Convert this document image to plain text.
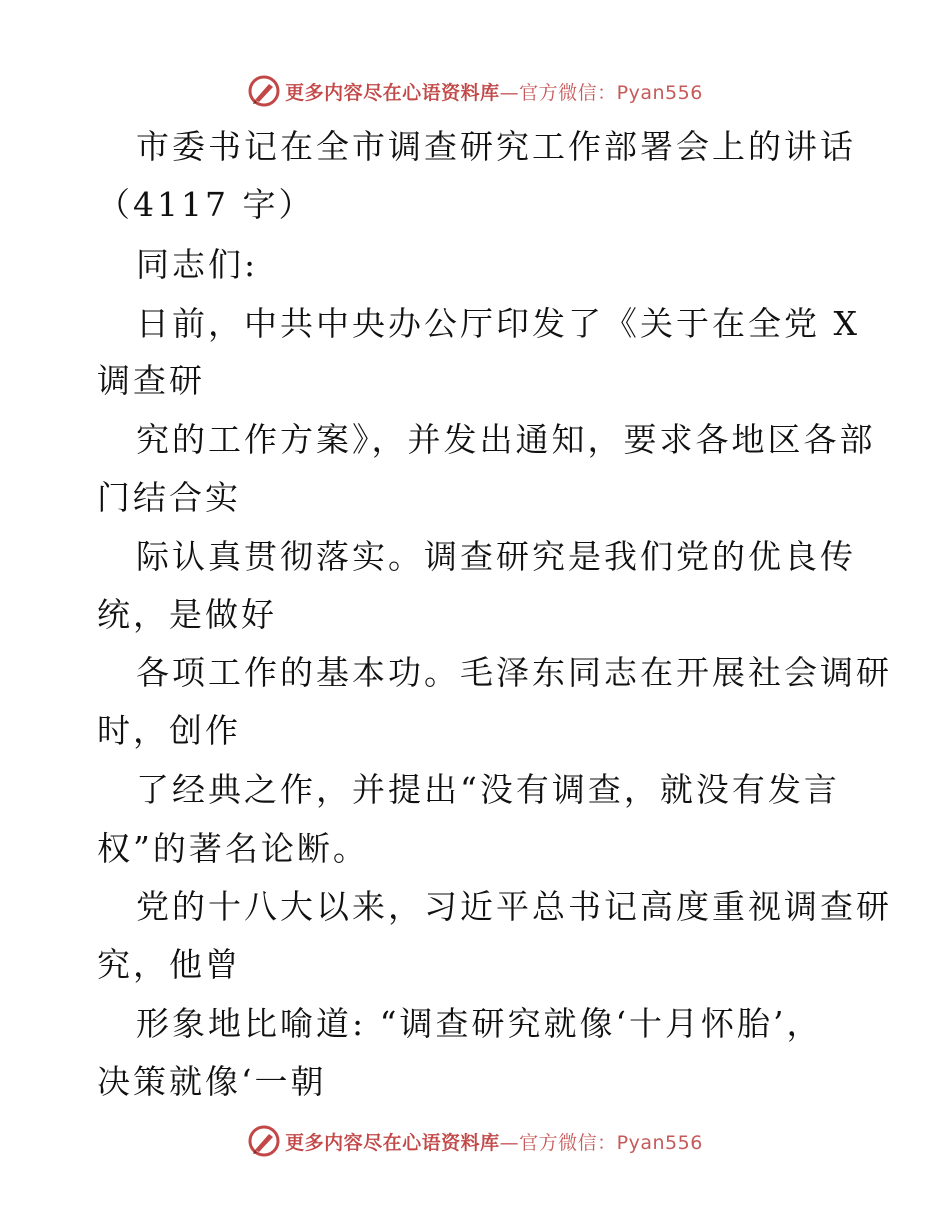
更多内容尽在心语资料库—官方微信：Pyan556
市委书记在全市调查研究工作部署会上的讲话
（4117 字）
同志们:
日前，中共中央办公厅印发了《关于在全党 X
调查研
究的工作方案》，并发出通知，要求各地区各部
门结合实
际认真贯彻落实。调查研究是我们党的优良传
统，是做好
各项工作的基本功。毛泽东同志在开展社会调研
时，创作
了经典之作，并提出“没有调查，就没有发言
权”的著名论断。
党的十八大以来，习近平总书记高度重视调查研
究，他曾
形象地比喻道: “调查研究就像‘十月怀胎’，
决策就像‘一朝
更多内容尽在心语资料库—官方微信：Pyan556
